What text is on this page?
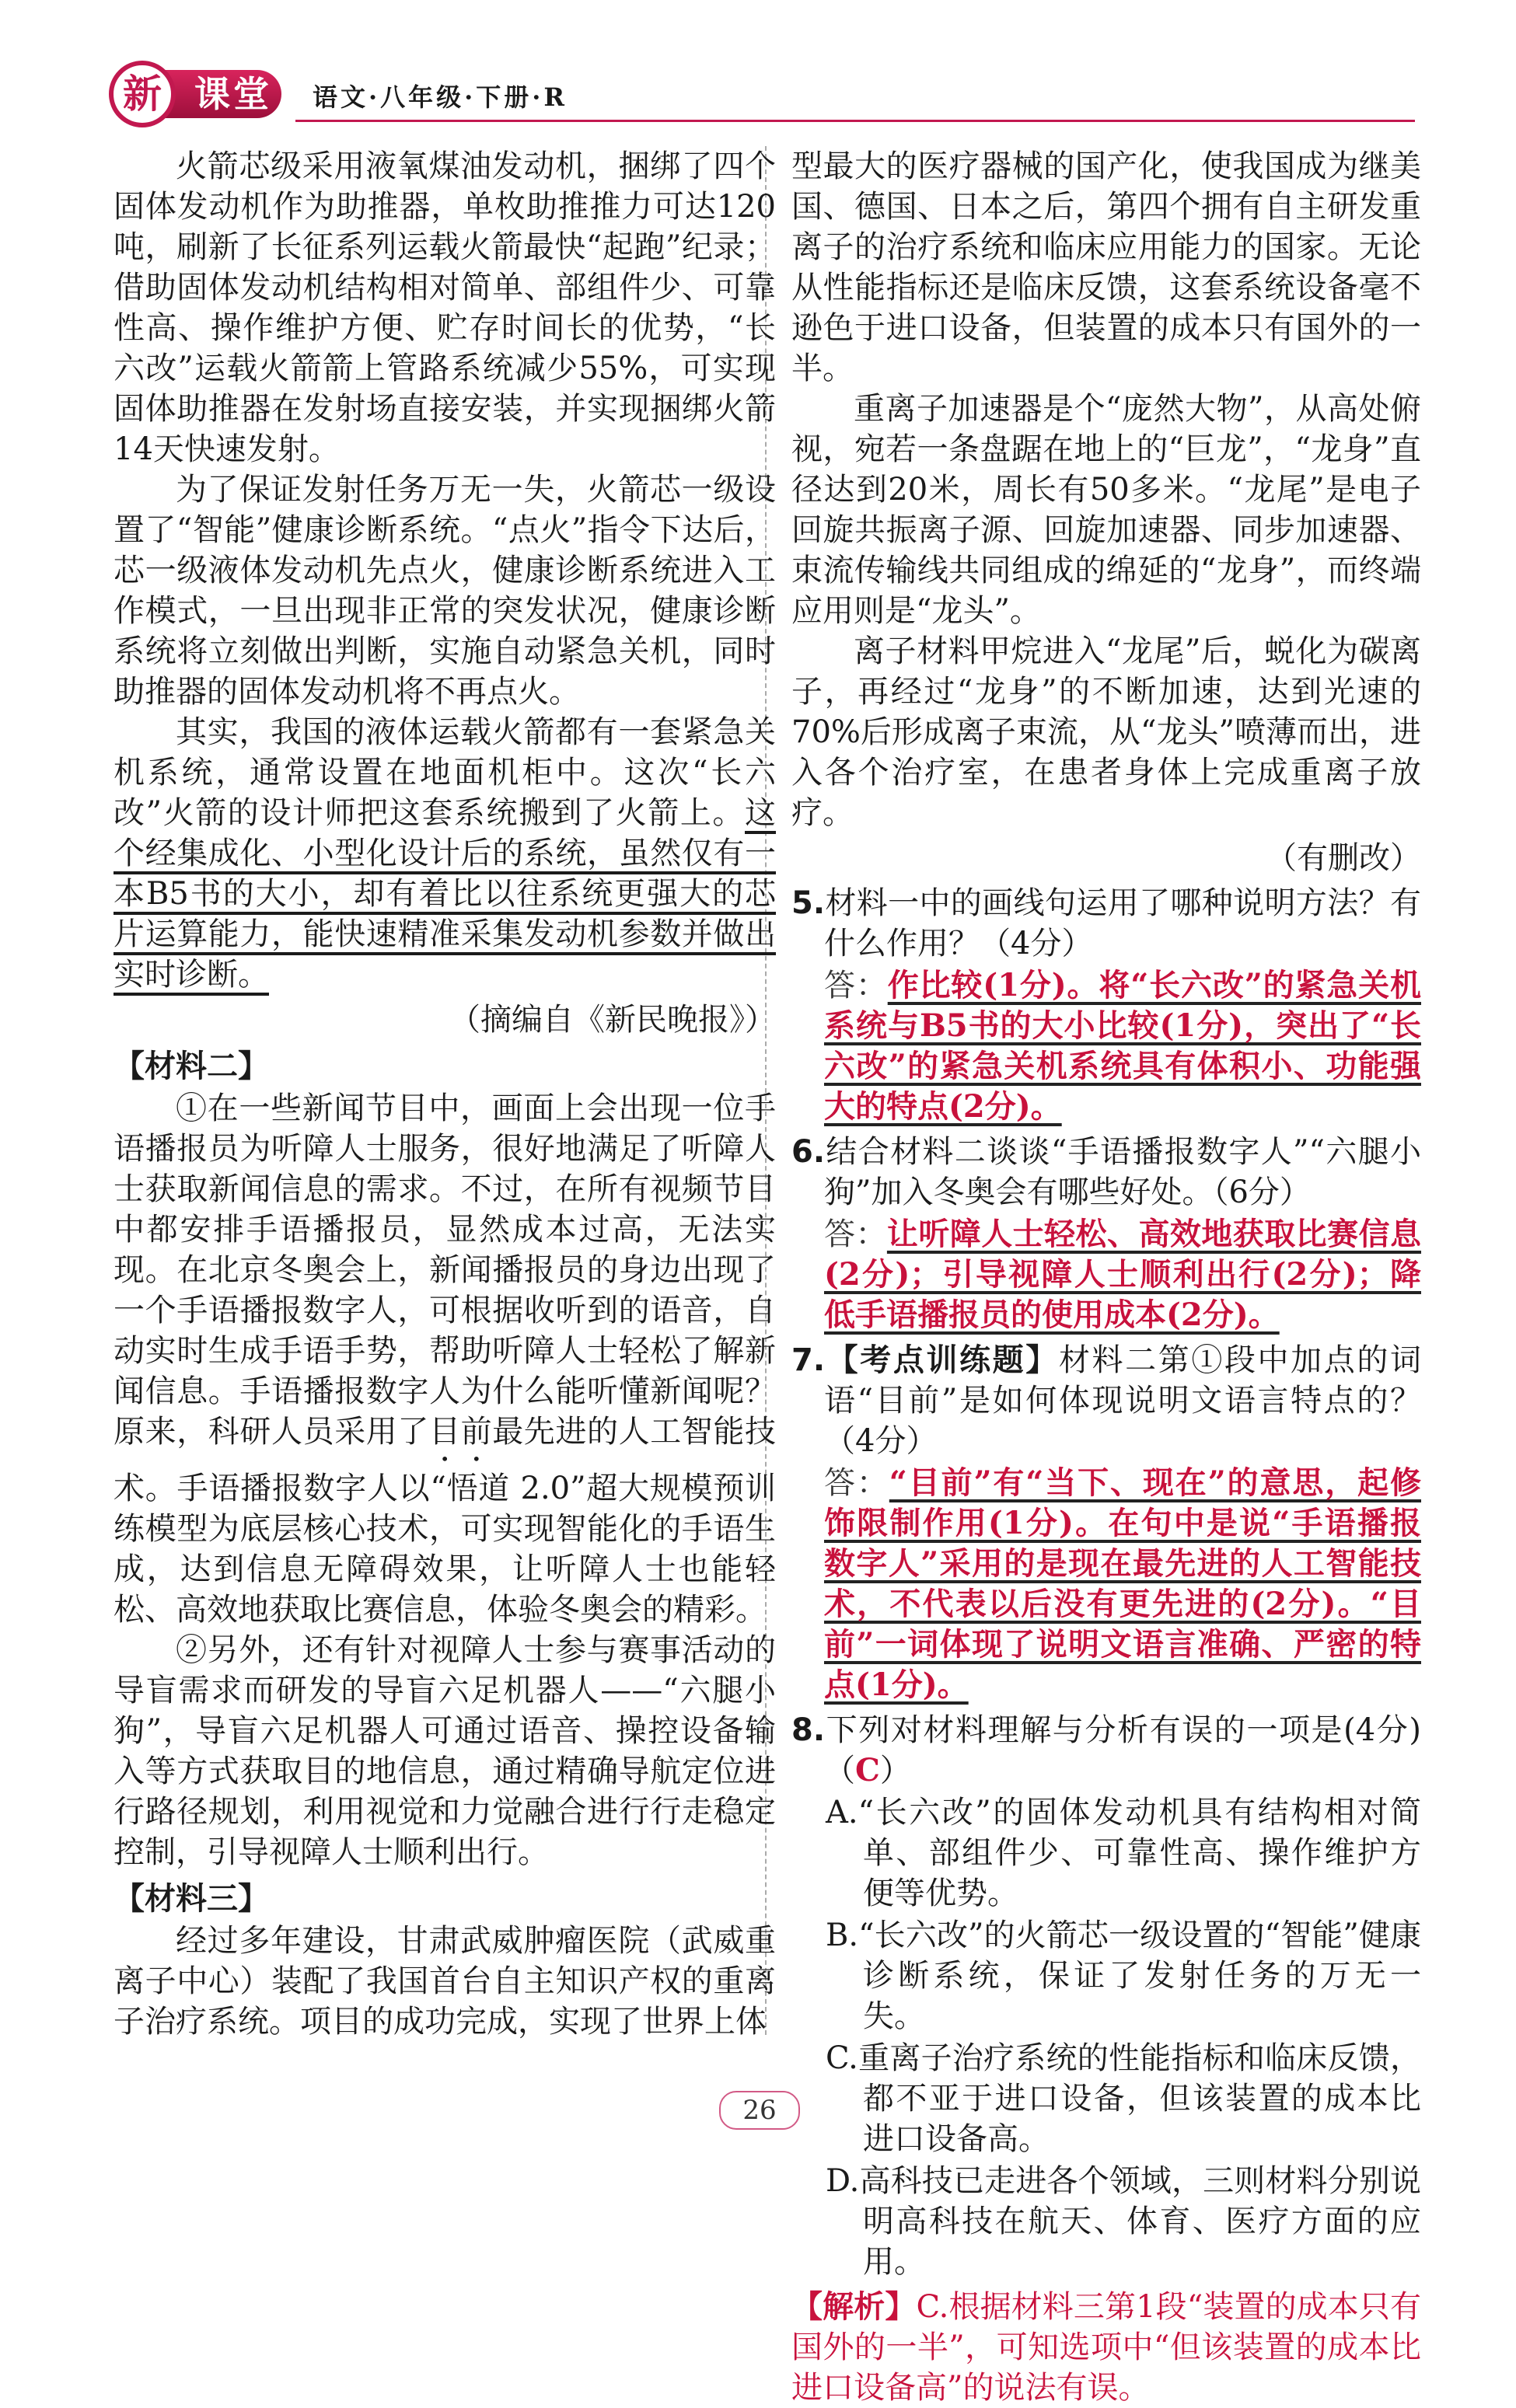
课堂
新	语文·八年级·下册·R

火箭芯级采用液氧煤油发动机，捆绑了四个固体发动机作为助推器，单枚助推推力可达120吨，刷新了长征系列运载火箭最快“起跑”纪录；借助固体发动机结构相对简单、部组件少、可靠性高、操作维护方便、贮存时间长的优势，“长六改”运载火箭箭上管路系统减少55%，可实现固体助推器在发射场直接安装，并实现捆绑火箭14天快速发射。

为了保证发射任务万无一失，火箭芯一级设置了“智能”健康诊断系统。“点火”指令下达后，芯一级液体发动机先点火，健康诊断系统进入工作模式，一旦出现非正常的突发状况，健康诊断系统将立刻做出判断，实施自动紧急关机，同时助推器的固体发动机将不再点火。

其实，我国的液体运载火箭都有一套紧急关机系统，通常设置在地面机柜中。这次“长六改”火箭的设计师把这套系统搬到了火箭上。这个经集成化、小型化设计后的系统，虽然仅有一本B5书的大小，却有着比以往系统更强大的芯片运算能力，能快速精准采集发动机参数并做出实时诊断。

（摘编自《新民晚报》）

【材料二】

①在一些新闻节目中，画面上会出现一位手语播报员为听障人士服务，很好地满足了听障人士获取新闻信息的需求。不过，在所有视频节目中都安排手语播报员，显然成本过高，无法实现。在北京冬奥会上，新闻播报员的身边出现了一个手语播报数字人，可根据收听到的语音，自动实时生成手语手势，帮助听障人士轻松了解新闻信息。手语播报数字人为什么能听懂新闻呢？原来，科研人员采用了目前最先进的人工智能技术。手语播报数字人以“悟道 2.0”超大规模预训练模型为底层核心技术，可实现智能化的手语生成，达到信息无障碍效果，让听障人士也能轻松、高效地获取比赛信息，体验冬奥会的精彩。

②另外，还有针对视障人士参与赛事活动的导盲需求而研发的导盲六足机器人——“六腿小狗”，导盲六足机器人可通过语音、操控设备输入等方式获取目的地信息，通过精确导航定位进行路径规划，利用视觉和力觉融合进行行走稳定控制，引导视障人士顺利出行。

【材料三】

经过多年建设，甘肃武威肿瘤医院（武威重离子中心）装配了我国首台自主知识产权的重离子治疗系统。项目的成功完成，实现了世界上体

型最大的医疗器械的国产化，使我国成为继美国、德国、日本之后，第四个拥有自主研发重离子的治疗系统和临床应用能力的国家。无论从性能指标还是临床反馈，这套系统设备毫不逊色于进口设备，但装置的成本只有国外的一半。

重离子加速器是个“庞然大物”，从高处俯视，宛若一条盘踞在地上的“巨龙”，“龙身”直径达到20米，周长有50多米。“龙尾”是电子回旋共振离子源、回旋加速器、同步加速器、束流传输线共同组成的绵延的“龙身”，而终端应用则是“龙头”。

离子材料甲烷进入“龙尾”后，蜕化为碳离子，再经过“龙身”的不断加速，达到光速的70%后形成离子束流，从“龙头”喷薄而出，进入各个治疗室，在患者身体上完成重离子放疗。

（有删改）

5.材料一中的画线句运用了哪种说明方法？有什么作用？（4分）

答：作比较(1分)。将“长六改”的紧急关机系统与B5书的大小比较(1分)，突出了“长六改”的紧急关机系统具有体积小、功能强大的特点(2分)。

6.结合材料二谈谈“手语播报数字人”“六腿小狗”加入冬奥会有哪些好处。（6分）

答：让听障人士轻松、高效地获取比赛信息(2分)；引导视障人士顺利出行(2分)；降低手语播报员的使用成本(2分)。

7.【考点训练题】材料二第①段中加点的词语“目前”是如何体现说明文语言特点的？（4分）

答：“目前”有“当下、现在”的意思，起修饰限制作用(1分)。在句中是说“手语播报数字人”采用的是现在最先进的人工智能技术，不代表以后没有更先进的(2分)。“目前”一词体现了说明文语言准确、严密的特点(1分)。

8.下列对材料理解与分析有误的一项是(4分)（C）

A.“长六改”的固体发动机具有结构相对简单、部组件少、可靠性高、操作维护方便等优势。

B.“长六改”的火箭芯一级设置的“智能”健康诊断系统，保证了发射任务的万无一失。

C.重离子治疗系统的性能指标和临床反馈，都不亚于进口设备，但该装置的成本比进口设备高。

D.高科技已走进各个领域，三则材料分别说明高科技在航天、体育、医疗方面的应用。

【解析】C.根据材料三第1段“装置的成本只有国外的一半”，可知选项中“但该装置的成本比进口设备高”的说法有误。

26
